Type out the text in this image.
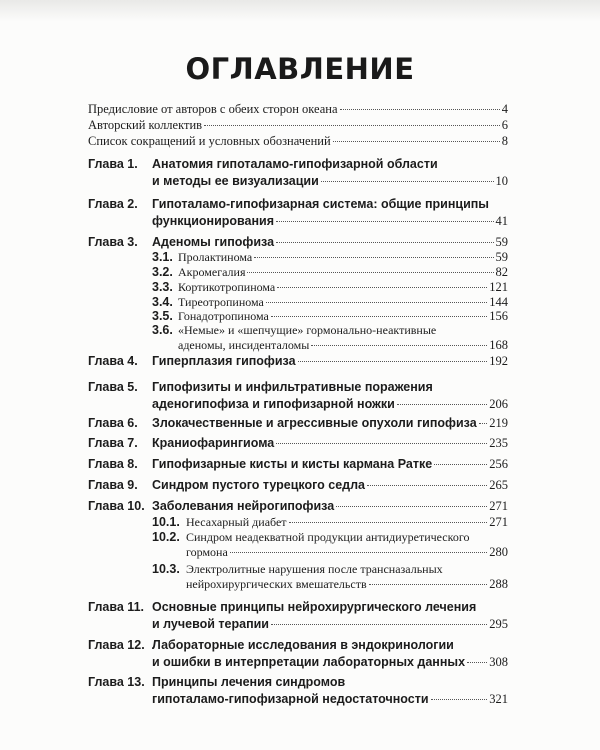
ОГЛАВЛЕНИЕ
Предисловие от авторов с обеих сторон океана	4
Авторский коллектив	6
Список сокращений и условных обозначений	8
Глава 1. Анатомия гипоталамо-гипофизарной области
и методы ее визуализации	10
Глава 2. Гипоталамо-гипофизарная система: общие принципы
функционирования	41
Глава 3. Аденомы гипофиза	59
3.1. Пролактинома	59
3.2. Акромегалия	82
3.3. Кортикотропинома	121
3.4. Тиреотропинома	144
3.5. Гонадотропинома	156
3.6. «Немые» и «шепчущие» гормонально-неактивные
аденомы, инсиденталомы	168
Глава 4. Гиперплазия гипофиза	192
Глава 5. Гипофизиты и инфильтративные поражения
аденогипофиза и гипофизарной ножки	206
Глава 6. Злокачественные и агрессивные опухоли гипофиза 219
Глава 7. Краниофарингиома	235
Глава 8. Гипофизарные кисты и кисты кармана Ратке	256
Глава 9. Синдром пустого турецкого седла	265
Глава 10. Заболевания нейрогипофиза	271
10.1. Несахарный диабет	271
10.2. Синдром неадекватной продукции антидиуретического
гормона	280
10.3. Электролитные нарушения после трансназальных
нейрохирургических вмешательств	288
Глава 11. Основные принципы нейрохирургического лечения
и лучевой терапии	295
Глава 12. Лабораторные исследования в эндокринологии
и ошибки в интерпретации лабораторных данных 308
Глава 13. Принципы лечения синдромов
гипоталамо-гипофизарной недостаточности	321
